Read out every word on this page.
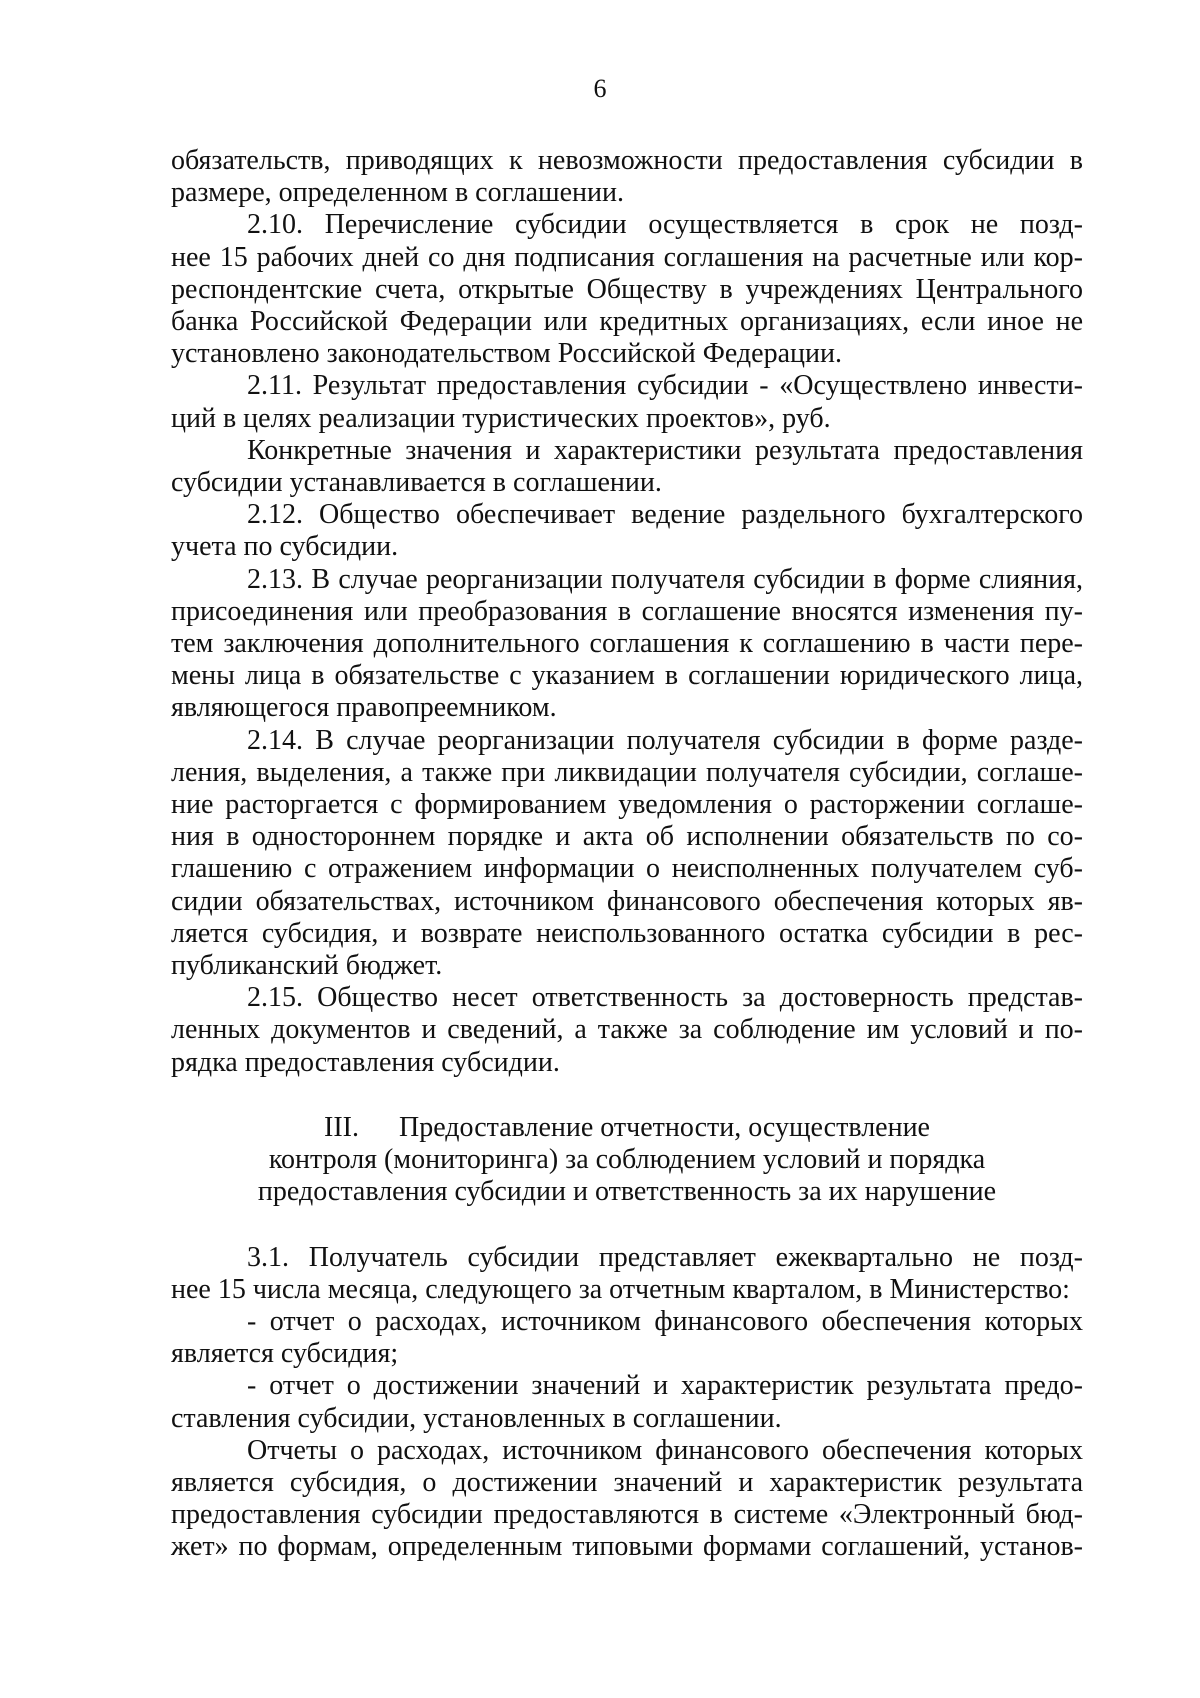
6
обязательств, приводящих к невозможности предоставления субсидии в
размере, определенном в соглашении.
2.10. Перечисление субсидии осуществляется в срок не позд-
нее 15 рабочих дней со дня подписания соглашения на расчетные или кор-
респондентские счета, открытые Обществу в учреждениях Центрального
банка Российской Федерации или кредитных организациях, если иное не
установлено законодательством Российской Федерации.
2.11. Результат предоставления субсидии - «Осуществлено инвести-
ций в целях реализации туристических проектов», руб.
Конкретные значения и характеристики результата предоставления
субсидии устанавливается в соглашении.
2.12. Общество обеспечивает ведение раздельного бухгалтерского
учета по субсидии.
2.13. В случае реорганизации получателя субсидии в форме слияния,
присоединения или преобразования в соглашение вносятся изменения пу-
тем заключения дополнительного соглашения к соглашению в части пере-
мены лица в обязательстве с указанием в соглашении юридического лица,
являющегося правопреемником.
2.14. В случае реорганизации получателя субсидии в форме разде-
ления, выделения, а также при ликвидации получателя субсидии, соглаше-
ние расторгается с формированием уведомления о расторжении соглаше-
ния в одностороннем порядке и акта об исполнении обязательств по со-
глашению с отражением информации о неисполненных получателем суб-
сидии обязательствах, источником финансового обеспечения которых яв-
ляется субсидия, и возврате неиспользованного остатка субсидии в рес-
публиканский бюджет.
2.15. Общество несет ответственность за достоверность представ-
ленных документов и сведений, а также за соблюдение им условий и по-
рядка предоставления субсидии.
III. Предоставление отчетности, осуществление
контроля (мониторинга) за соблюдением условий и порядка
предоставления субсидии и ответственность за их нарушение
3.1. Получатель субсидии представляет ежеквартально не позд-
нее 15 числа месяца, следующего за отчетным кварталом, в Министерство:
- отчет о расходах, источником финансового обеспечения которых
является субсидия;
- отчет о достижении значений и характеристик результата предо-
ставления субсидии, установленных в соглашении.
Отчеты о расходах, источником финансового обеспечения которых
является субсидия, о достижении значений и характеристик результата
предоставления субсидии предоставляются в системе «Электронный бюд-
жет» по формам, определенным типовыми формами соглашений, установ-
